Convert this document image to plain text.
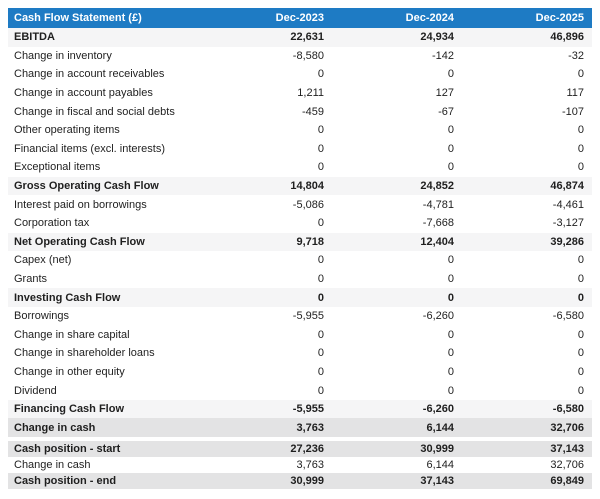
Cash Flow Statement (£)	Dec-2023	Dec-2024	Dec-2025
EBITDA	22,631	24,934	46,896
Change in inventory	-8,580	-142	-32
Change in account receivables	0	0	0
Change in account payables	1,211	127	117
Change in fiscal and social debts	-459	-67	-107
Other operating items	0	0	0
Financial items (excl. interests)	0	0	0
Exceptional items	0	0	0
Gross Operating Cash Flow	14,804	24,852	46,874
Interest paid on borrowings	-5,086	-4,781	-4,461
Corporation tax	0	-7,668	-3,127
Net Operating Cash Flow	9,718	12,404	39,286
Capex (net)	0	0	0
Grants	0	0	0
Investing Cash Flow	0	0	0
Borrowings	-5,955	-6,260	-6,580
Change in share capital	0	0	0
Change in shareholder loans	0	0	0
Change in other equity	0	0	0
Dividend	0	0	0
Financing Cash Flow	-5,955	-6,260	-6,580
Change in cash	3,763	6,144	32,706
Cash position - start	27,236	30,999	37,143
Change in cash	3,763	6,144	32,706
Cash position - end	30,999	37,143	69,849
